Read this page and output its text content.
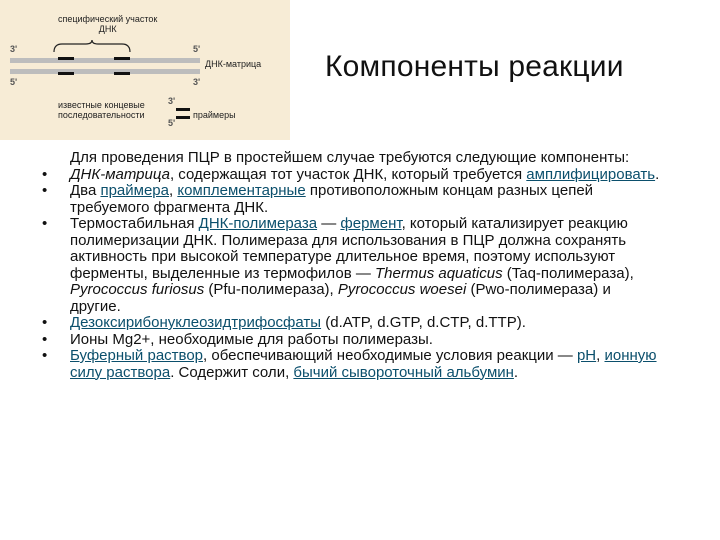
специфический участок
ДНК
3'
5'
5'
3'
ДНК-матрица
известные концевые
последовательности
3'
5'
праймеры
Компоненты реакции
Для проведения ПЦР в простейшем случае требуются следующие компоненты:
• ДНК-матрица, содержащая тот участок ДНК, который требуется амплифицировать.
• Два праймера, комплементарные противоположным концам разных цепей требуемого фрагмента ДНК.
• Термостабильная ДНК-полимераза — фермент, который катализирует реакцию полимеризации ДНК. Полимераза для использования в ПЦР должна сохранять активность при высокой температуре длительное время, поэтому используют ферменты, выделенные из термофилов — Thermus aquaticus (Taq-полимераза), Pyrococcus furiosus (Pfu-полимераза), Pyrococcus woesei (Pwo-полимераза) и другие.
• Дезоксирибонуклеозидтрифосфаты (d.ATP, d.GTP, d.CTP, d.TTP).
• Ионы Mg2+, необходимые для работы полимеразы.
• Буферный раствор, обеспечивающий необходимые условия реакции — pH, ионную силу раствора. Содержит соли, бычий сывороточный альбумин.
